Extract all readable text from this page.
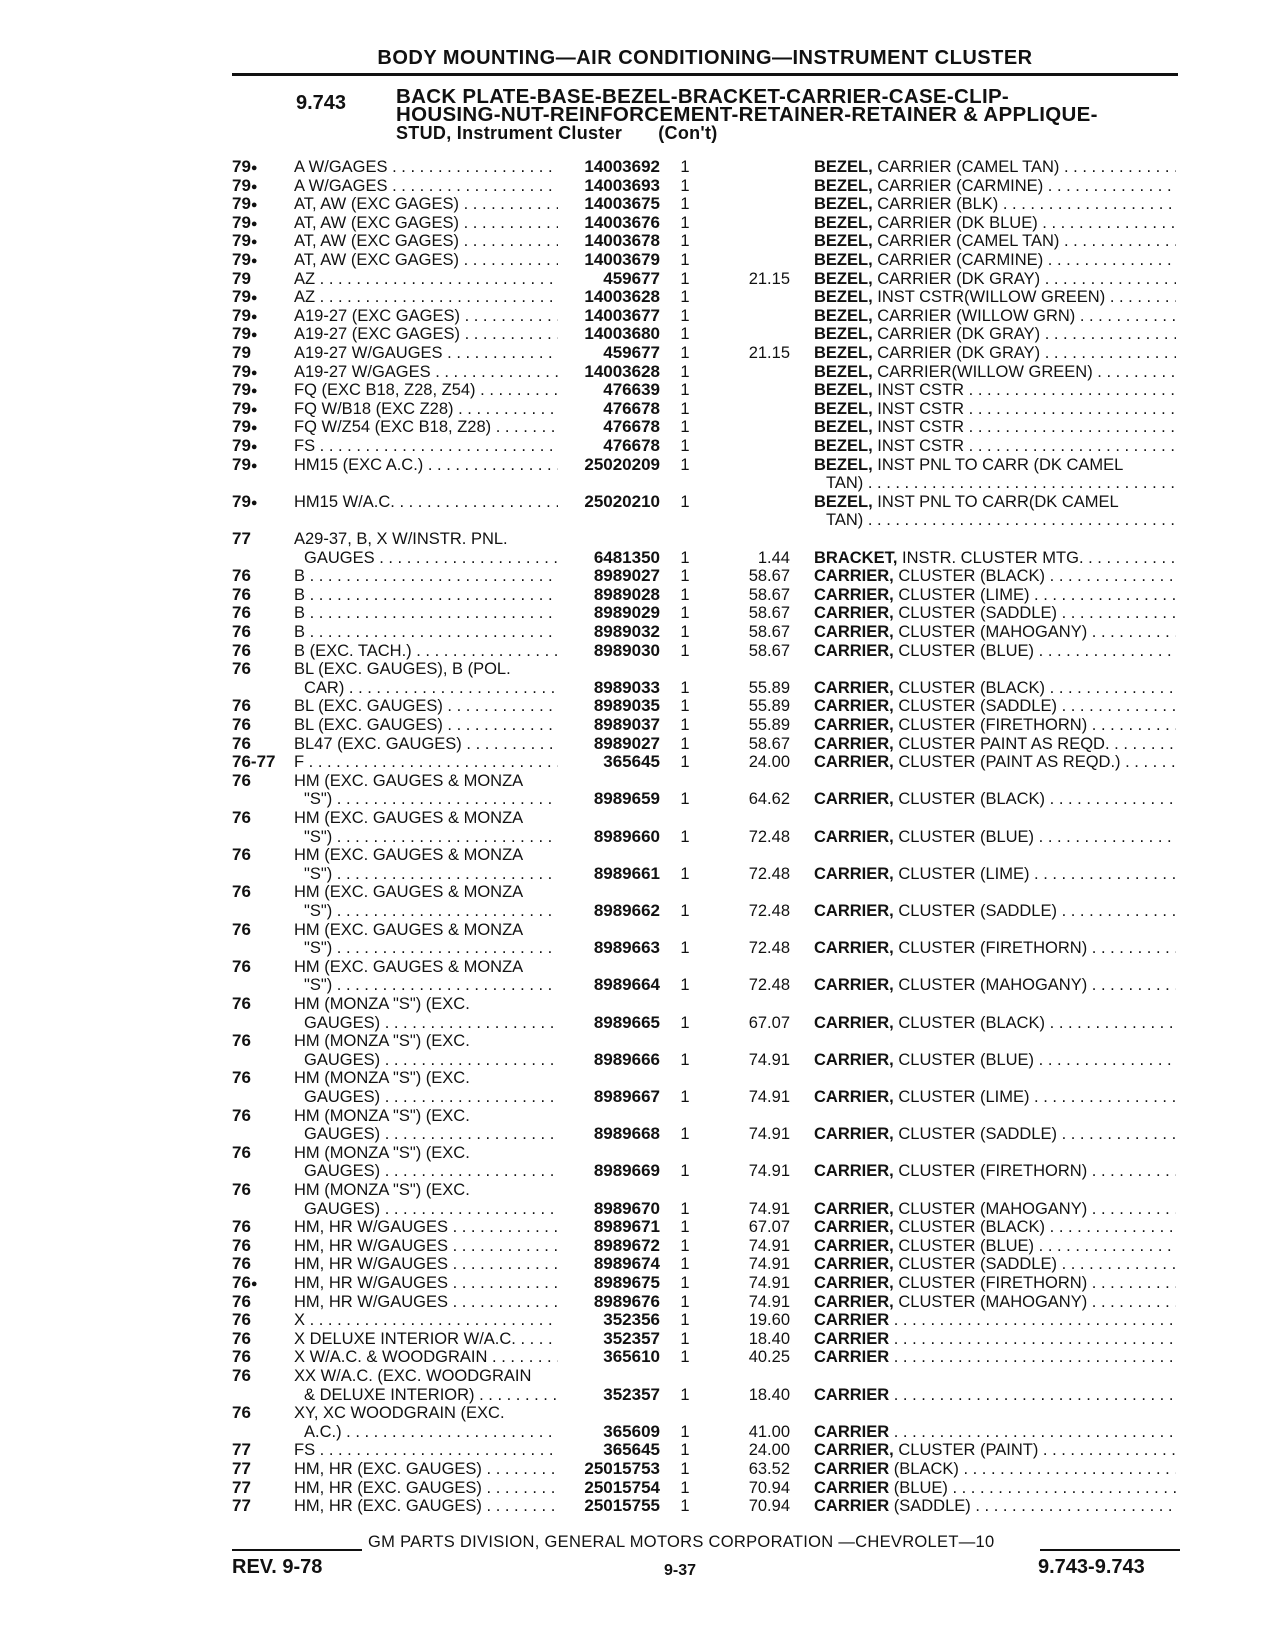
BODY MOUNTING—AIR CONDITIONING—INSTRUMENT CLUSTER
9.743 BACK PLATE-BASE-BEZEL-BRACKET-CARRIER-CASE-CLIP-
HOUSING-NUT-REINFORCEMENT-RETAINER-RETAINER & APPLIQUE-
STUD, Instrument Cluster (Con't)
79●	A W/GAGES . . .	14003692 1	BEZEL, CARRIER (CAMEL TAN) . . .
79●	A W/GAGES . . .	14003693 1	BEZEL, CARRIER (CARMINE) . . .
79●	AT, AW (EXC GAGES) . . .	14003675 1	BEZEL, CARRIER (BLK) . . .
79●	AT, AW (EXC GAGES) . . .	14003676 1	BEZEL, CARRIER (DK BLUE) . . .
79●	AT, AW (EXC GAGES) . . .	14003678 1	BEZEL, CARRIER (CAMEL TAN) . . .
79●	AT, AW (EXC GAGES) . . .	14003679 1	BEZEL, CARRIER (CARMINE) . . .
79	AZ . . .	459677 1	21.15 BEZEL, CARRIER (DK GRAY) . . .
79●	AZ . . .	14003628 1	BEZEL, INST CSTR(WILLOW GREEN) . . .
79●	A19-27 (EXC GAGES) . . .	14003677 1	BEZEL, CARRIER (WILLOW GRN) . . .
79●	A19-27 (EXC GAGES) . . .	14003680 1	BEZEL, CARRIER (DK GRAY) . . .
79	A19-27 W/GAUGES . . .	459677 1	21.15 BEZEL, CARRIER (DK GRAY) . . .
79●	A19-27 W/GAGES . . .	14003628 1	BEZEL, CARRIER(WILLOW GREEN) . . .
79●	FQ (EXC B18, Z28, Z54) . . .	476639 1	BEZEL, INST CSTR . . .
79●	FQ W/B18 (EXC Z28) . . .	476678 1	BEZEL, INST CSTR . . .
79●	FQ W/Z54 (EXC B18, Z28) . . .	476678 1	BEZEL, INST CSTR . . .
79●	FS . . .	476678 1	BEZEL, INST CSTR . . .
79●	HM15 (EXC A.C.) . . .	25020209 1	BEZEL, INST PNL TO CARR (DK CAMEL
TAN) . . .
79●	HM15 W/A.C. . . .	25020210 1	BEZEL, INST PNL TO CARR(DK CAMEL
TAN) . . .
77	A29-37, B, X W/INSTR. PNL.
GAUGES . . .	6481350 1	1.44 BRACKET, INSTR. CLUSTER MTG. . . .
76	B . . .	8989027 1	58.67 CARRIER, CLUSTER (BLACK) . . .
76	B . . .	8989028 1	58.67 CARRIER, CLUSTER (LIME) . . .
76	B . . .	8989029 1	58.67 CARRIER, CLUSTER (SADDLE) . . .
76	B . . .	8989032 1	58.67 CARRIER, CLUSTER (MAHOGANY) . . .
76	B (EXC. TACH.) . . .	8989030 1	58.67 CARRIER, CLUSTER (BLUE) . . .
76	BL (EXC. GAUGES), B (POL.
CAR) . . .	8989033 1	55.89 CARRIER, CLUSTER (BLACK) . . .
76	BL (EXC. GAUGES) . . .	8989035 1	55.89 CARRIER, CLUSTER (SADDLE) . . .
76	BL (EXC. GAUGES) . . .	8989037 1	55.89 CARRIER, CLUSTER (FIRETHORN) . . .
76	BL47 (EXC. GAUGES) . . .	8989027 1	58.67 CARRIER, CLUSTER PAINT AS REQD. . . .
76-77	F . . .	365645 1	24.00 CARRIER, CLUSTER (PAINT AS REQD.) . . .
76	HM (EXC. GAUGES & MONZA
"S") . . .	8989659 1	64.62 CARRIER, CLUSTER (BLACK) . . .
76	HM (EXC. GAUGES & MONZA
"S") . . .	8989660 1	72.48 CARRIER, CLUSTER (BLUE) . . .
76	HM (EXC. GAUGES & MONZA
"S") . . .	8989661 1	72.48 CARRIER, CLUSTER (LIME) . . .
76	HM (EXC. GAUGES & MONZA
"S") . . .	8989662 1	72.48 CARRIER, CLUSTER (SADDLE) . . .
76	HM (EXC. GAUGES & MONZA
"S") . . .	8989663 1	72.48 CARRIER, CLUSTER (FIRETHORN) . . .
76	HM (EXC. GAUGES & MONZA
"S") . . .	8989664 1	72.48 CARRIER, CLUSTER (MAHOGANY) . . .
76	HM (MONZA "S") (EXC.
GAUGES) . . .	8989665 1	67.07 CARRIER, CLUSTER (BLACK) . . .
76	HM (MONZA "S") (EXC.
GAUGES) . . .	8989666 1	74.91 CARRIER, CLUSTER (BLUE) . . .
76	HM (MONZA "S") (EXC.
GAUGES) . . .	8989667 1	74.91 CARRIER, CLUSTER (LIME) . . .
76	HM (MONZA "S") (EXC.
GAUGES) . . .	8989668 1	74.91 CARRIER, CLUSTER (SADDLE) . . .
76	HM (MONZA "S") (EXC.
GAUGES) . . .	8989669 1	74.91 CARRIER, CLUSTER (FIRETHORN) . . .
76	HM (MONZA "S") (EXC.
GAUGES) . . .	8989670 1	74.91 CARRIER, CLUSTER (MAHOGANY) . . .
76	HM, HR W/GAUGES . . .	8989671 1	67.07 CARRIER, CLUSTER (BLACK) . . .
76	HM, HR W/GAUGES . . .	8989672 1	74.91 CARRIER, CLUSTER (BLUE) . . .
76	HM, HR W/GAUGES . . .	8989674 1	74.91 CARRIER, CLUSTER (SADDLE) . . .
76●	HM, HR W/GAUGES . . .	8989675 1	74.91 CARRIER, CLUSTER (FIRETHORN) . . .
76	HM, HR W/GAUGES . . .	8989676 1	74.91 CARRIER, CLUSTER (MAHOGANY) . . .
76	X . . .	352356 1	19.60 CARRIER . . .
76	X DELUXE INTERIOR W/A.C. . . .	352357 1	18.40 CARRIER . . .
76	X W/A.C. & WOODGRAIN . . .	365610 1	40.25 CARRIER . . .
76	XX W/A.C. (EXC. WOODGRAIN
& DELUXE INTERIOR) . . .	352357 1	18.40 CARRIER . . .
76	XY, XC WOODGRAIN (EXC.
A.C.) . . .	365609 1	41.00 CARRIER . . .
77	FS . . .	365645 1	24.00 CARRIER, CLUSTER (PAINT) . . .
77	HM, HR (EXC. GAUGES) . . .	25015753 1	63.52 CARRIER (BLACK) . . .
77	HM, HR (EXC. GAUGES) . . .	25015754 1	70.94 CARRIER (BLUE) . . .
77	HM, HR (EXC. GAUGES) . . .	25015755 1	70.94 CARRIER (SADDLE) . . .
GM PARTS DIVISION, GENERAL MOTORS CORPORATION —CHEVROLET—10
REV. 9-78	9-37	9.743-9.743
